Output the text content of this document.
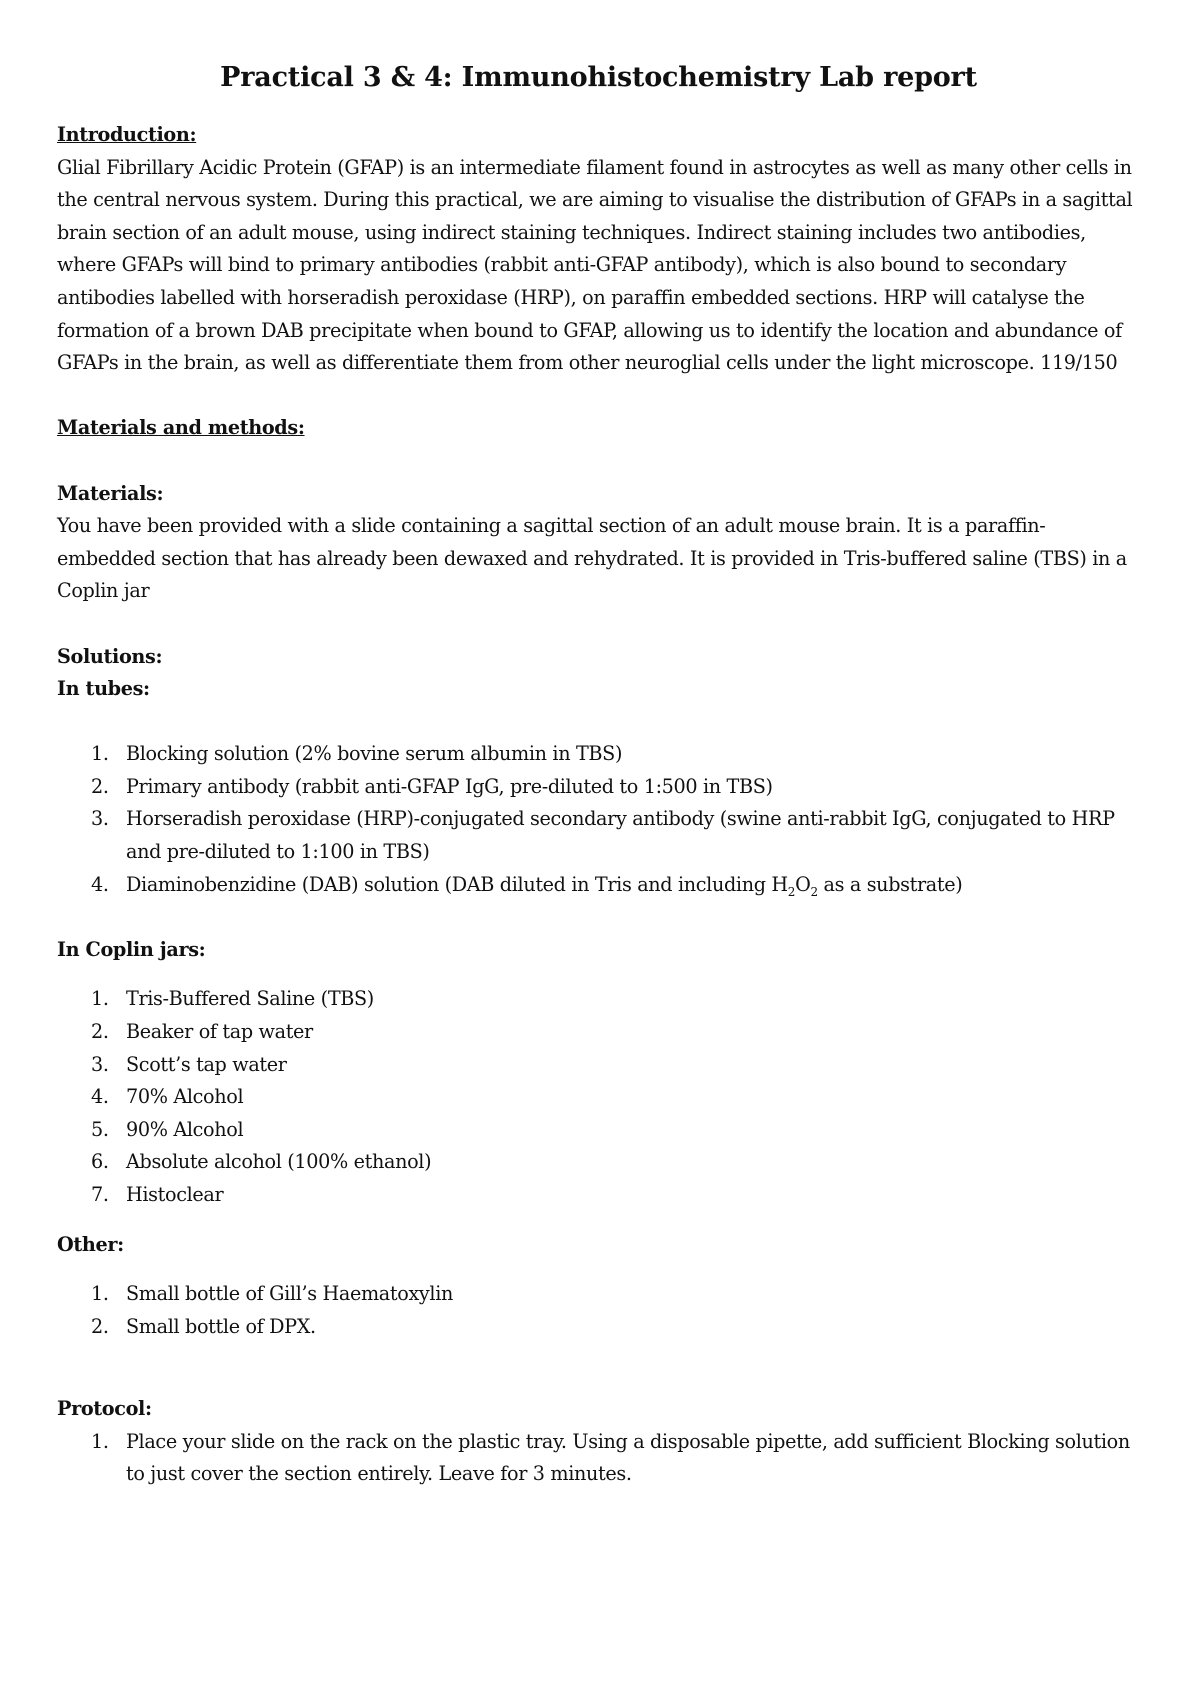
Practical 3 & 4: Immunohistochemistry Lab report
Introduction:

Glial Fibrillary Acidic Protein (GFAP) is an intermediate filament found in astrocytes as well as many other cells in the central nervous system. During this practical, we are aiming to visualise the distribution of GFAPs in a sagittal brain section of an adult mouse, using indirect staining techniques. Indirect staining includes two antibodies, where GFAPs will bind to primary antibodies (rabbit anti-GFAP antibody), which is also bound to secondary antibodies labelled with horseradish peroxidase (HRP), on paraffin embedded sections. HRP will catalyse the formation of a brown DAB precipitate when bound to GFAP, allowing us to identify the location and abundance of GFAPs in the brain, as well as differentiate them from other neuroglial cells under the light microscope. 119/150

Materials and methods:
Materials:

You have been provided with a slide containing a sagittal section of an adult mouse brain. It is a paraffin-embedded section that has already been dewaxed and rehydrated. It is provided in Tris-buffered saline (TBS) in a Coplin jar

Solutions:
In tubes:
1. Blocking solution (2% bovine serum albumin in TBS)
2. Primary antibody (rabbit anti-GFAP IgG, pre-diluted to 1:500 in TBS)
3. Horseradish peroxidase (HRP)-conjugated secondary antibody (swine anti-rabbit IgG, conjugated to HRP and pre-diluted to 1:100 in TBS)
4. Diaminobenzidine (DAB) solution (DAB diluted in Tris and including $H_2O_2$ as a substrate)
In Coplin jars:
1. Tris-Buffered Saline (TBS)
2. Beaker of tap water
3. Scott’s tap water
4. 70% Alcohol
5. 90% Alcohol
6. Absolute alcohol (100% ethanol)
7. Histoclear
Other:
1. Small bottle of Gill’s Haematoxylin
2. Small bottle of DPX.
Protocol:
1. Place your slide on the rack on the plastic tray. Using a disposable pipette, add sufficient Blocking solution to just cover the section entirely. Leave for 3 minutes.
